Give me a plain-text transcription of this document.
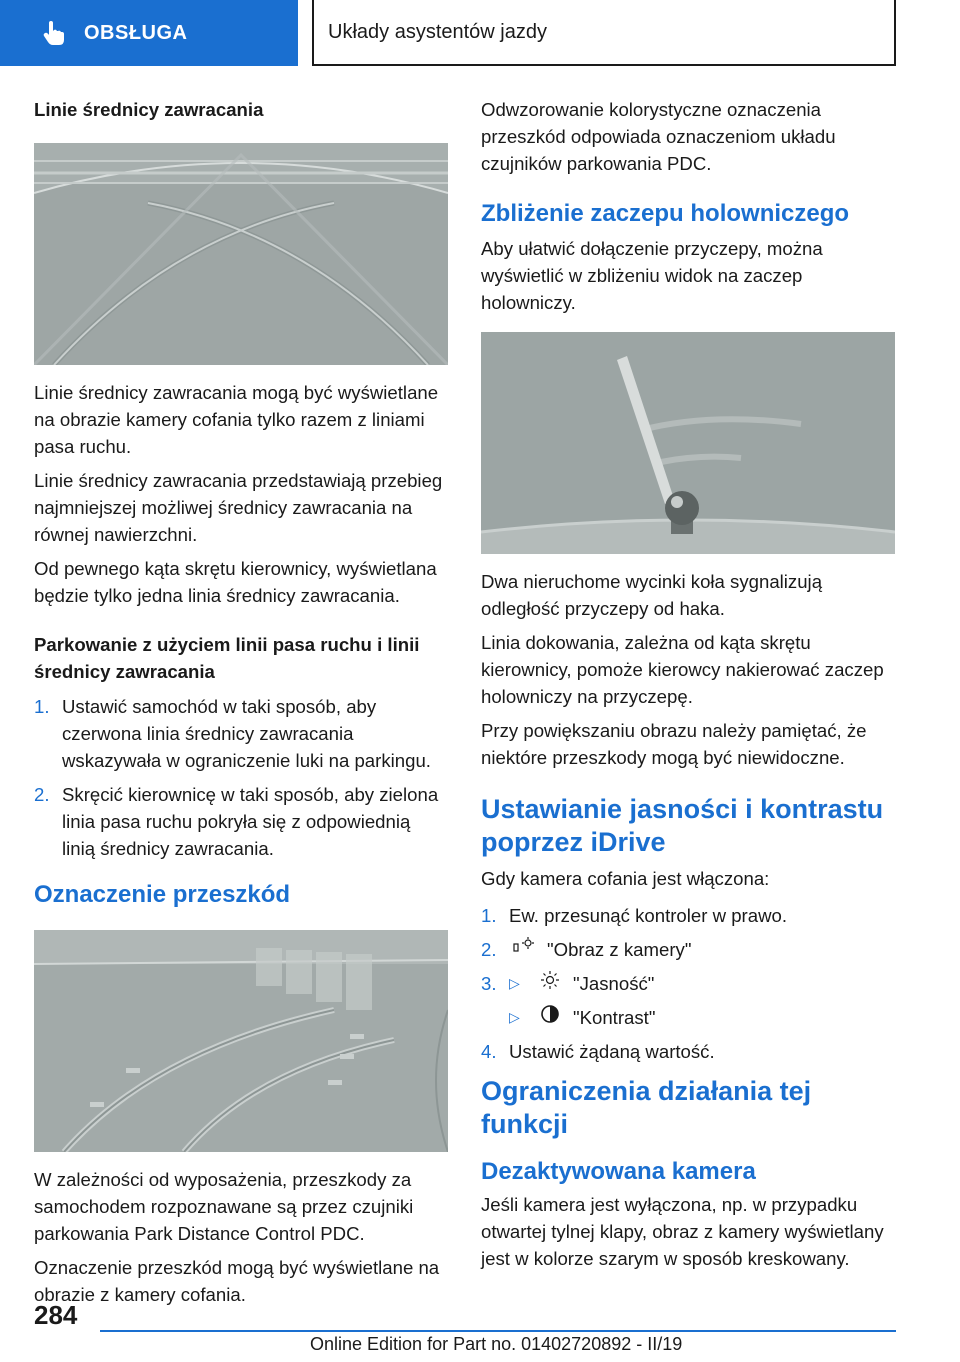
OBSŁUGA	Układy asystentów jazdy
Linie średnicy zawracania

Linie średnicy zawracania mogą być wyświetlane na obrazie kamery cofania tylko razem z liniami pasa ruchu.

Linie średnicy zawracania przedstawiają przebieg najmniejszej możliwej średnicy zawracania na równej nawierzchni.

Od pewnego kąta skrętu kierownicy, wyświetlana będzie tylko jedna linia średnicy zawracania.

Parkowanie z użyciem linii pasa ruchu i linii średnicy zawracania
1. Ustawić samochód w taki sposób, aby czerwona linia średnicy zawracania wskazywała w ograniczenie luki na parkingu.
2. Skręcić kierownicę w taki sposób, aby zielona linia pasa ruchu pokryła się z odpowiednią linią średnicy zawracania.
Oznaczenie przeszkód

W zależności od wyposażenia, przeszkody za samochodem rozpoznawane są przez czujniki parkowania Park Distance Control PDC.

Oznaczenie przeszkód mogą być wyświetlane na obrazie z kamery cofania.

Odwzorowanie kolorystyczne oznaczenia przeszkód odpowiada oznaczeniom układu czujników parkowania PDC.

Zbliżenie zaczepu holowniczego

Aby ułatwić dołączenie przyczepy, można wyświetlić w zbliżeniu widok na zaczep holowniczy.

Dwa nieruchome wycinki koła sygnalizują odległość przyczepy od haka.

Linia dokowania, zależna od kąta skrętu kierownicy, pomoże kierowcy nakierować zaczep holowniczy na przyczepę.

Przy powiększaniu obrazu należy pamiętać, że niektóre przeszkody mogą być niewidoczne.

Ustawianie jasności i kontrastu poprzez iDrive

Gdy kamera cofania jest włączona:

1. Ew. przesunąć kontroler w prawo.
2.	"Obraz z kamery"
3. ▷	"Jasność"
▷	"Kontrast"
4. Ustawić żądaną wartość.
Ograniczenia działania tej funkcji
Dezaktywowana kamera

Jeśli kamera jest wyłączona, np. w przypadku otwartej tylnej klapy, obraz z kamery wyświetlany jest w kolorze szarym w sposób kreskowany.

284
Online Edition for Part no. 01402720892 - II/19
